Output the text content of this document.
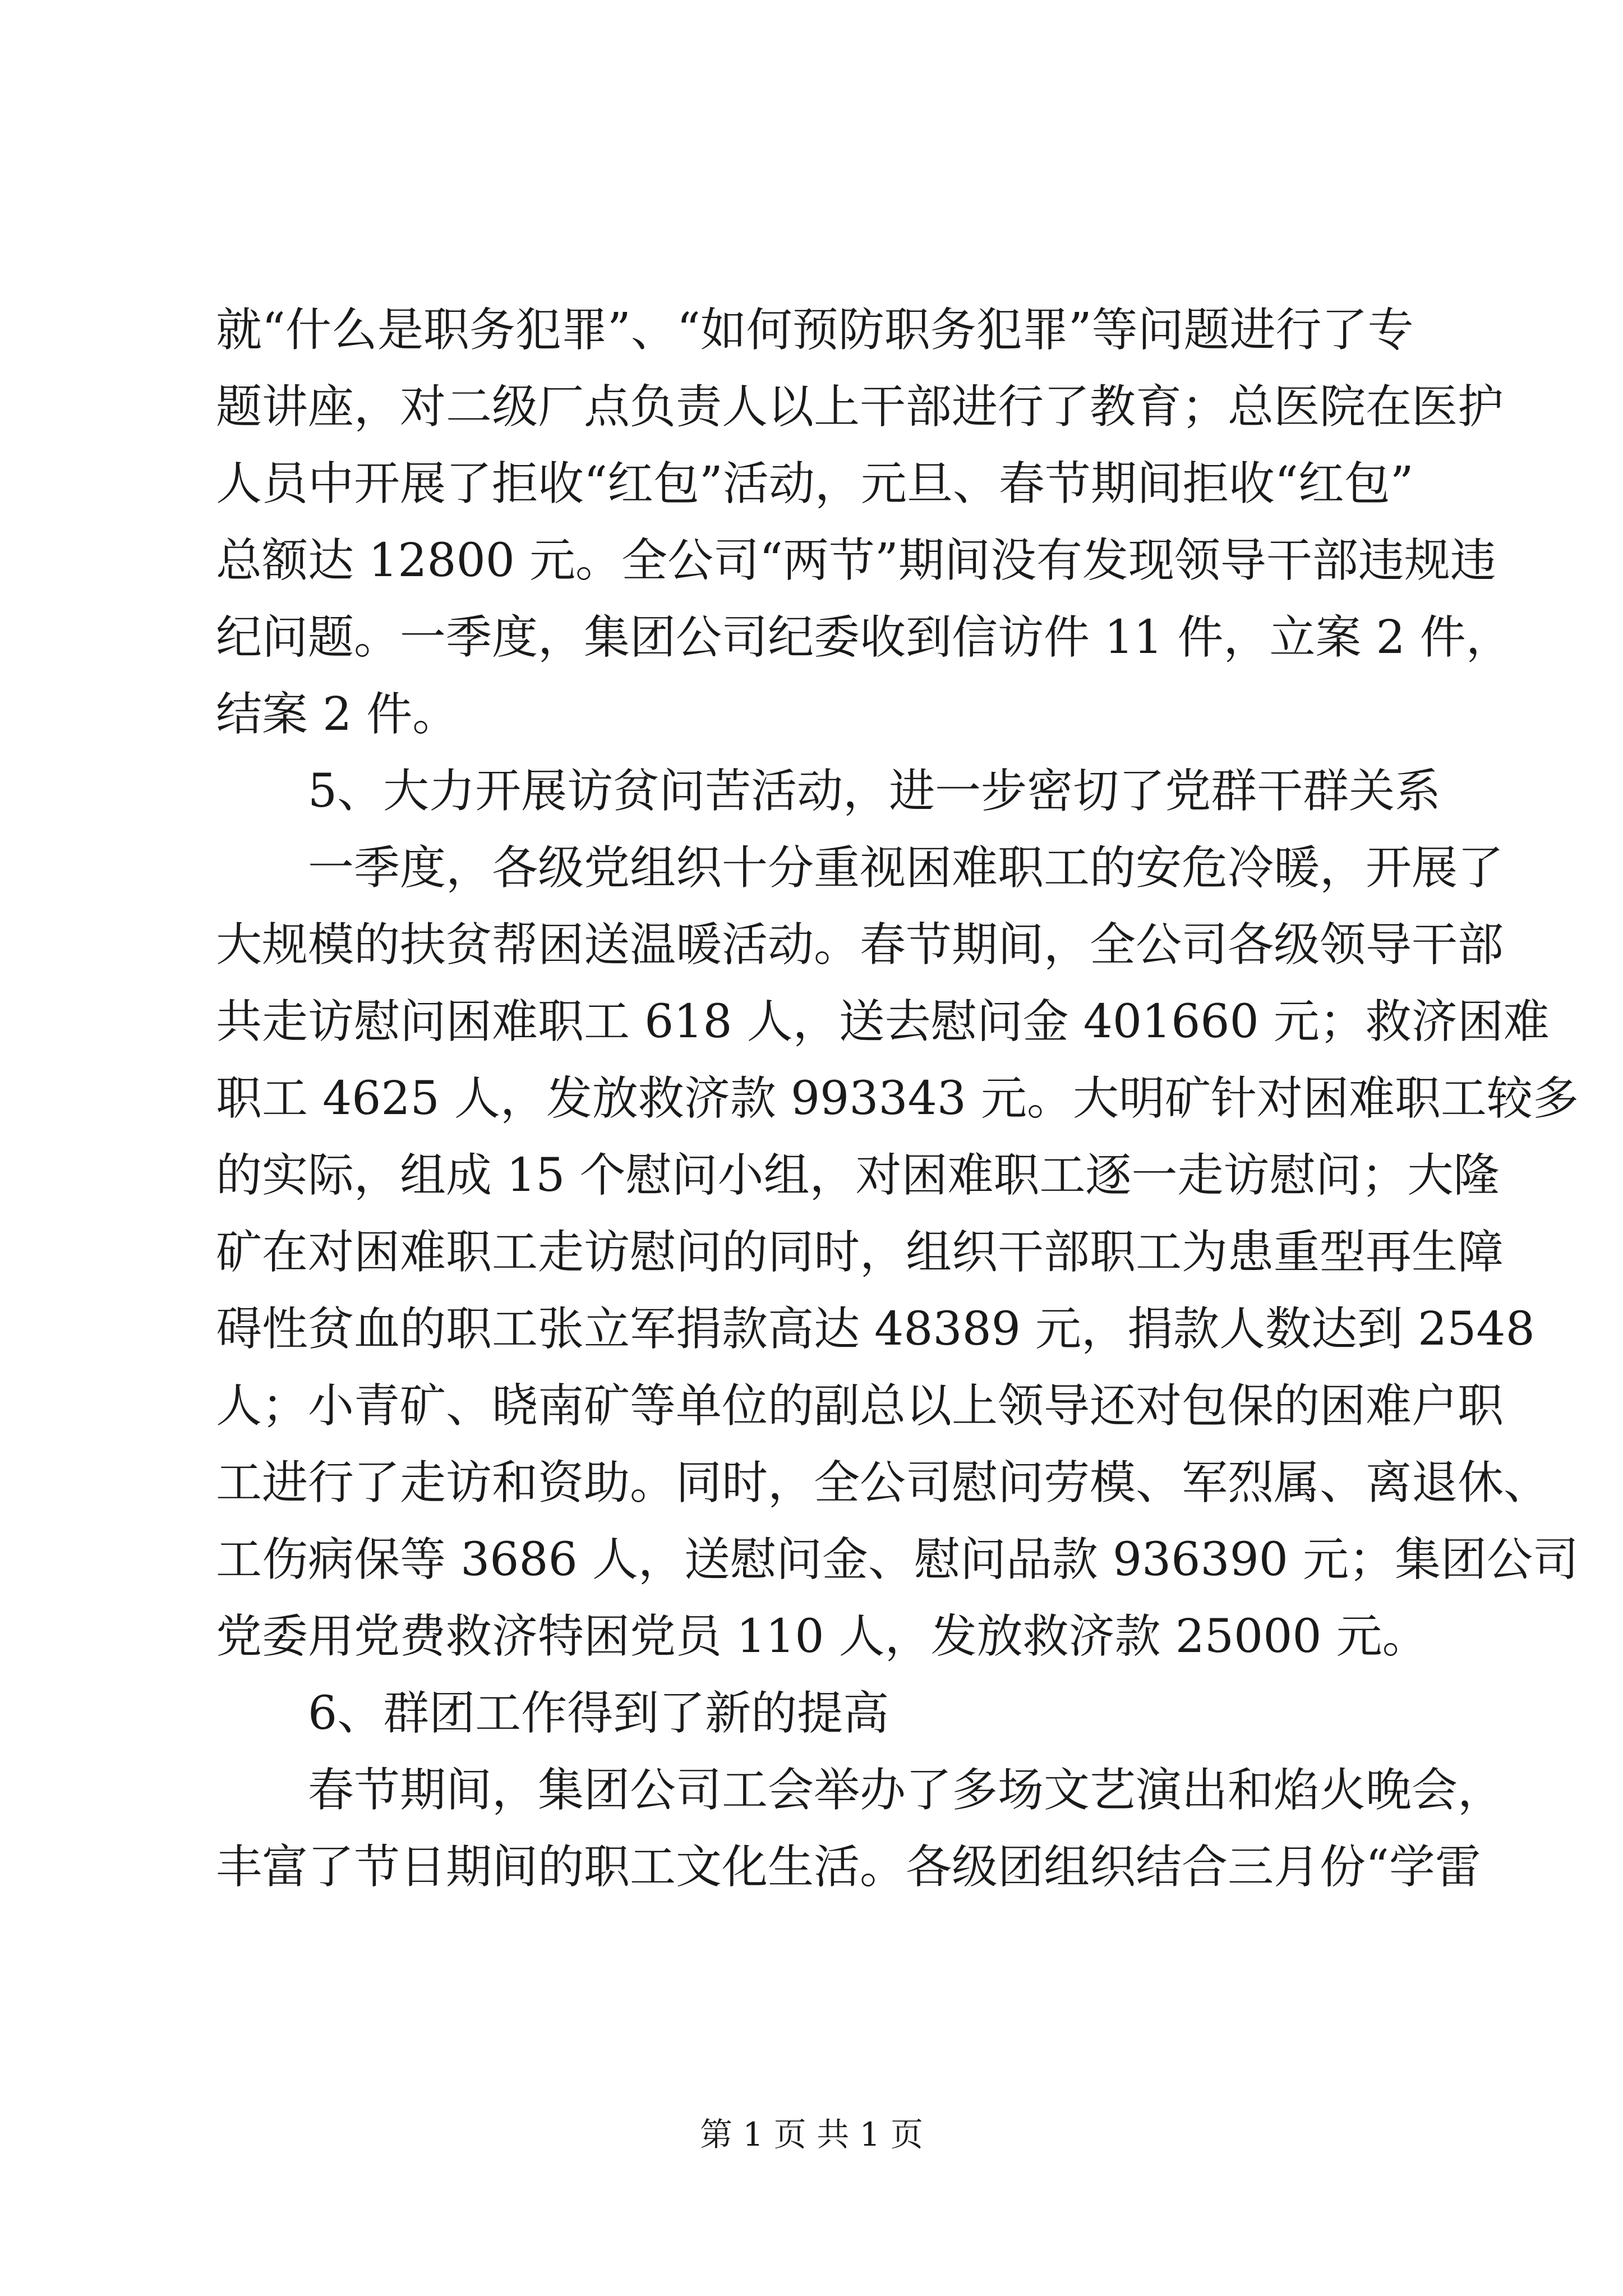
就“什么是职务犯罪”、“如何预防职务犯罪”等问题进行了专
题讲座，对二级厂点负责人以上干部进行了教育；总医院在医护
人员中开展了拒收“红包”活动，元旦、春节期间拒收“红包”
总额达 12800 元。全公司“两节”期间没有发现领导干部违规违
纪问题。一季度，集团公司纪委收到信访件 11 件，立案 2 件，
结案 2 件。
5、大力开展访贫问苦活动，进一步密切了党群干群关系
一季度，各级党组织十分重视困难职工的安危冷暖，开展了
大规模的扶贫帮困送温暖活动。春节期间，全公司各级领导干部
共走访慰问困难职工 618 人，送去慰问金 401660 元；救济困难
职工 4625 人，发放救济款 993343 元。大明矿针对困难职工较多
的实际，组成 15 个慰问小组，对困难职工逐一走访慰问；大隆
矿在对困难职工走访慰问的同时，组织干部职工为患重型再生障
碍性贫血的职工张立军捐款高达 48389 元，捐款人数达到 2548
人；小青矿、晓南矿等单位的副总以上领导还对包保的困难户职
工进行了走访和资助。同时，全公司慰问劳模、军烈属、离退休、
工伤病保等 3686 人，送慰问金、慰问品款 936390 元；集团公司
党委用党费救济特困党员 110 人，发放救济款 25000 元。
6、群团工作得到了新的提高
春节期间，集团公司工会举办了多场文艺演出和焰火晚会，
丰富了节日期间的职工文化生活。各级团组织结合三月份“学雷
第 1 页 共 1 页
